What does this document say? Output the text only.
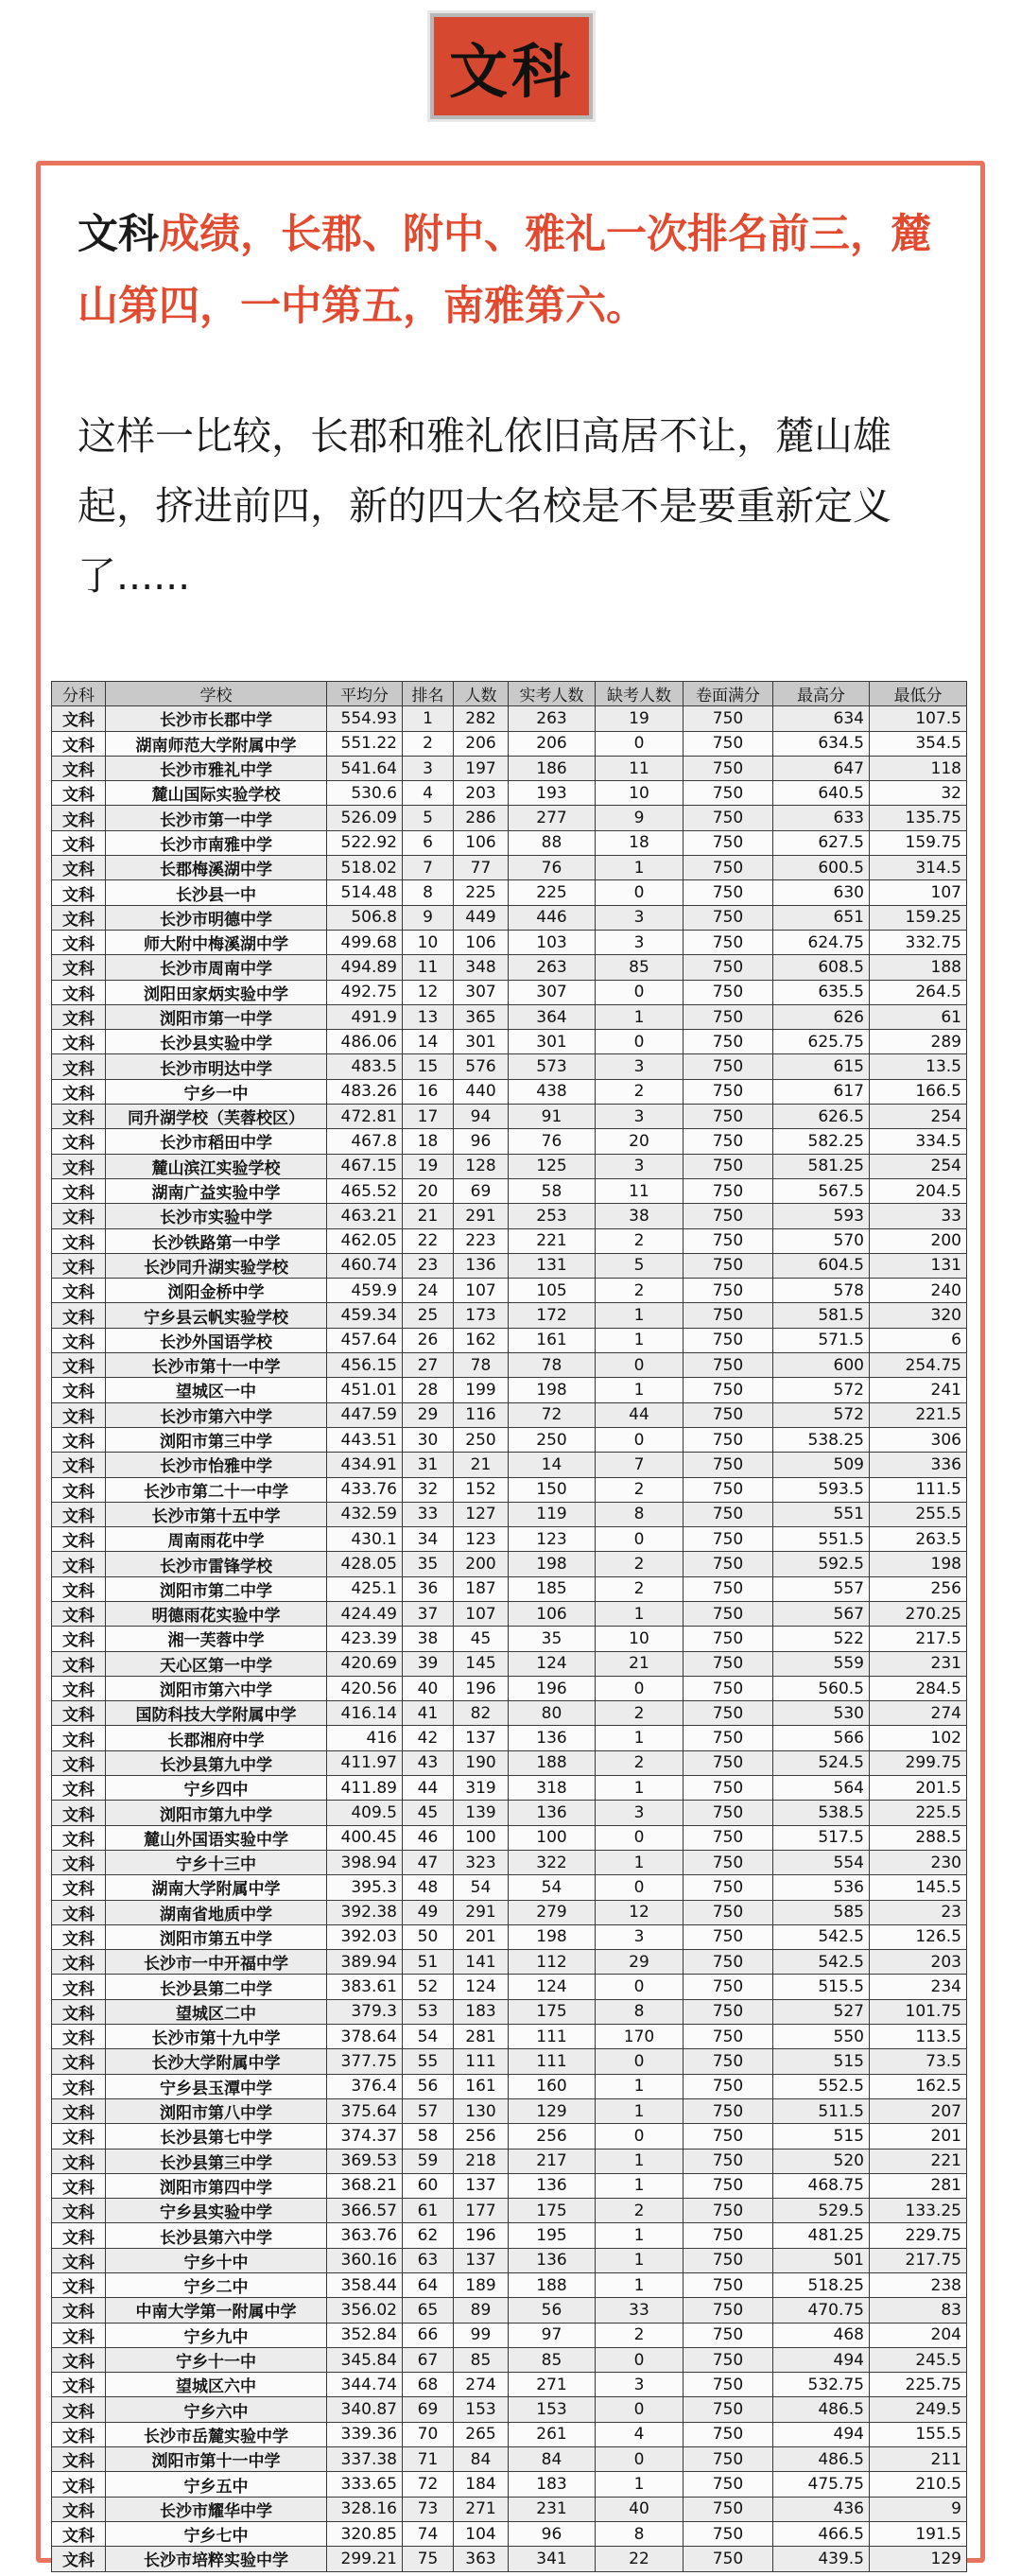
文科

文科成绩，长郡、附中、雅礼一次排名前三，麓山第四，一中第五，南雅第六。

这样一比较，长郡和雅礼依旧高居不让，麓山雄起，挤进前四，新的四大名校是不是要重新定义了......

分科	学校	平均分	排名	人数	实考人数	缺考人数	卷面满分	最高分	最低分
文科	长沙市长郡中学	554.93	1	282	263	19	750	634	107.5
文科	湖南师范大学附属中学	551.22	2	206	206	0	750	634.5	354.5
文科	长沙市雅礼中学	541.64	3	197	186	11	750	647	118
文科	麓山国际实验学校	530.6	4	203	193	10	750	640.5	32
文科	长沙市第一中学	526.09	5	286	277	9	750	633	135.75
文科	长沙市南雅中学	522.92	6	106	88	18	750	627.5	159.75
文科	长郡梅溪湖中学	518.02	7	77	76	1	750	600.5	314.5
文科	长沙县一中	514.48	8	225	225	0	750	630	107
文科	长沙市明德中学	506.8	9	449	446	3	750	651	159.25
文科	师大附中梅溪湖中学	499.68	10	106	103	3	750	624.75	332.75
文科	长沙市周南中学	494.89	11	348	263	85	750	608.5	188
文科	浏阳田家炳实验中学	492.75	12	307	307	0	750	635.5	264.5
文科	浏阳市第一中学	491.9	13	365	364	1	750	626	61
文科	长沙县实验中学	486.06	14	301	301	0	750	625.75	289
文科	长沙市明达中学	483.5	15	576	573	3	750	615	13.5
文科	宁乡一中	483.26	16	440	438	2	750	617	166.5
文科	同升湖学校（芙蓉校区）	472.81	17	94	91	3	750	626.5	254
文科	长沙市稻田中学	467.8	18	96	76	20	750	582.25	334.5
文科	麓山滨江实验学校	467.15	19	128	125	3	750	581.25	254
文科	湖南广益实验中学	465.52	20	69	58	11	750	567.5	204.5
文科	长沙市实验中学	463.21	21	291	253	38	750	593	33
文科	长沙铁路第一中学	462.05	22	223	221	2	750	570	200
文科	长沙同升湖实验学校	460.74	23	136	131	5	750	604.5	131
文科	浏阳金桥中学	459.9	24	107	105	2	750	578	240
文科	宁乡县云帆实验学校	459.34	25	173	172	1	750	581.5	320
文科	长沙外国语学校	457.64	26	162	161	1	750	571.5	6
文科	长沙市第十一中学	456.15	27	78	78	0	750	600	254.75
文科	望城区一中	451.01	28	199	198	1	750	572	241
文科	长沙市第六中学	447.59	29	116	72	44	750	572	221.5
文科	浏阳市第三中学	443.51	30	250	250	0	750	538.25	306
文科	长沙市怡雅中学	434.91	31	21	14	7	750	509	336
文科	长沙市第二十一中学	433.76	32	152	150	2	750	593.5	111.5
文科	长沙市第十五中学	432.59	33	127	119	8	750	551	255.5
文科	周南雨花中学	430.1	34	123	123	0	750	551.5	263.5
文科	长沙市雷锋学校	428.05	35	200	198	2	750	592.5	198
文科	浏阳市第二中学	425.1	36	187	185	2	750	557	256
文科	明德雨花实验中学	424.49	37	107	106	1	750	567	270.25
文科	湘一芙蓉中学	423.39	38	45	35	10	750	522	217.5
文科	天心区第一中学	420.69	39	145	124	21	750	559	231
文科	浏阳市第六中学	420.56	40	196	196	0	750	560.5	284.5
文科	国防科技大学附属中学	416.14	41	82	80	2	750	530	274
文科	长郡湘府中学	416	42	137	136	1	750	566	102
文科	长沙县第九中学	411.97	43	190	188	2	750	524.5	299.75
文科	宁乡四中	411.89	44	319	318	1	750	564	201.5
文科	浏阳市第九中学	409.5	45	139	136	3	750	538.5	225.5
文科	麓山外国语实验中学	400.45	46	100	100	0	750	517.5	288.5
文科	宁乡十三中	398.94	47	323	322	1	750	554	230
文科	湖南大学附属中学	395.3	48	54	54	0	750	536	145.5
文科	湖南省地质中学	392.38	49	291	279	12	750	585	23
文科	浏阳市第五中学	392.03	50	201	198	3	750	542.5	126.5
文科	长沙市一中开福中学	389.94	51	141	112	29	750	542.5	203
文科	长沙县第二中学	383.61	52	124	124	0	750	515.5	234
文科	望城区二中	379.3	53	183	175	8	750	527	101.75
文科	长沙市第十九中学	378.64	54	281	111	170	750	550	113.5
文科	长沙大学附属中学	377.75	55	111	111	0	750	515	73.5
文科	宁乡县玉潭中学	376.4	56	161	160	1	750	552.5	162.5
文科	浏阳市第八中学	375.64	57	130	129	1	750	511.5	207
文科	长沙县第七中学	374.37	58	256	256	0	750	515	201
文科	长沙县第三中学	369.53	59	218	217	1	750	520	221
文科	浏阳市第四中学	368.21	60	137	136	1	750	468.75	281
文科	宁乡县实验中学	366.57	61	177	175	2	750	529.5	133.25
文科	长沙县第六中学	363.76	62	196	195	1	750	481.25	229.75
文科	宁乡十中	360.16	63	137	136	1	750	501	217.75
文科	宁乡二中	358.44	64	189	188	1	750	518.25	238
文科	中南大学第一附属中学	356.02	65	89	56	33	750	470.75	83
文科	宁乡九中	352.84	66	99	97	2	750	468	204
文科	宁乡十一中	345.84	67	85	85	0	750	494	245.5
文科	望城区六中	344.74	68	274	271	3	750	532.75	225.75
文科	宁乡六中	340.87	69	153	153	0	750	486.5	249.5
文科	长沙市岳麓实验中学	339.36	70	265	261	4	750	494	155.5
文科	浏阳市第十一中学	337.38	71	84	84	0	750	486.5	211
文科	宁乡五中	333.65	72	184	183	1	750	475.75	210.5
文科	长沙市耀华中学	328.16	73	271	231	40	750	436	9
文科	宁乡七中	320.85	74	104	96	8	750	466.5	191.5
文科	长沙市培粹实验中学	299.21	75	363	341	22	750	439.5	129
